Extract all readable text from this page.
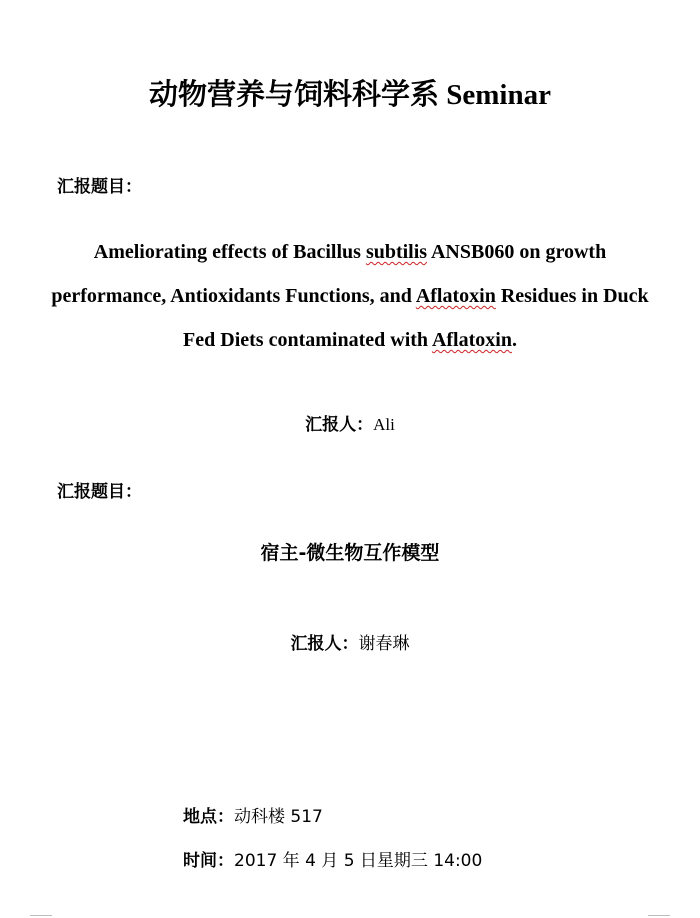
动物营养与饲料科学系 Seminar
汇报题目：
Ameliorating effects of Bacillus subtilis ANSB060 on growth performance, Antioxidants Functions, and Aflatoxin Residues in Duck Fed Diets contaminated with Aflatoxin.
汇报人：Ali
汇报题目：
宿主-微生物互作模型
汇报人：谢春琳
地点：动科楼 517
时间：2017 年 4 月 5 日星期三 14:00
